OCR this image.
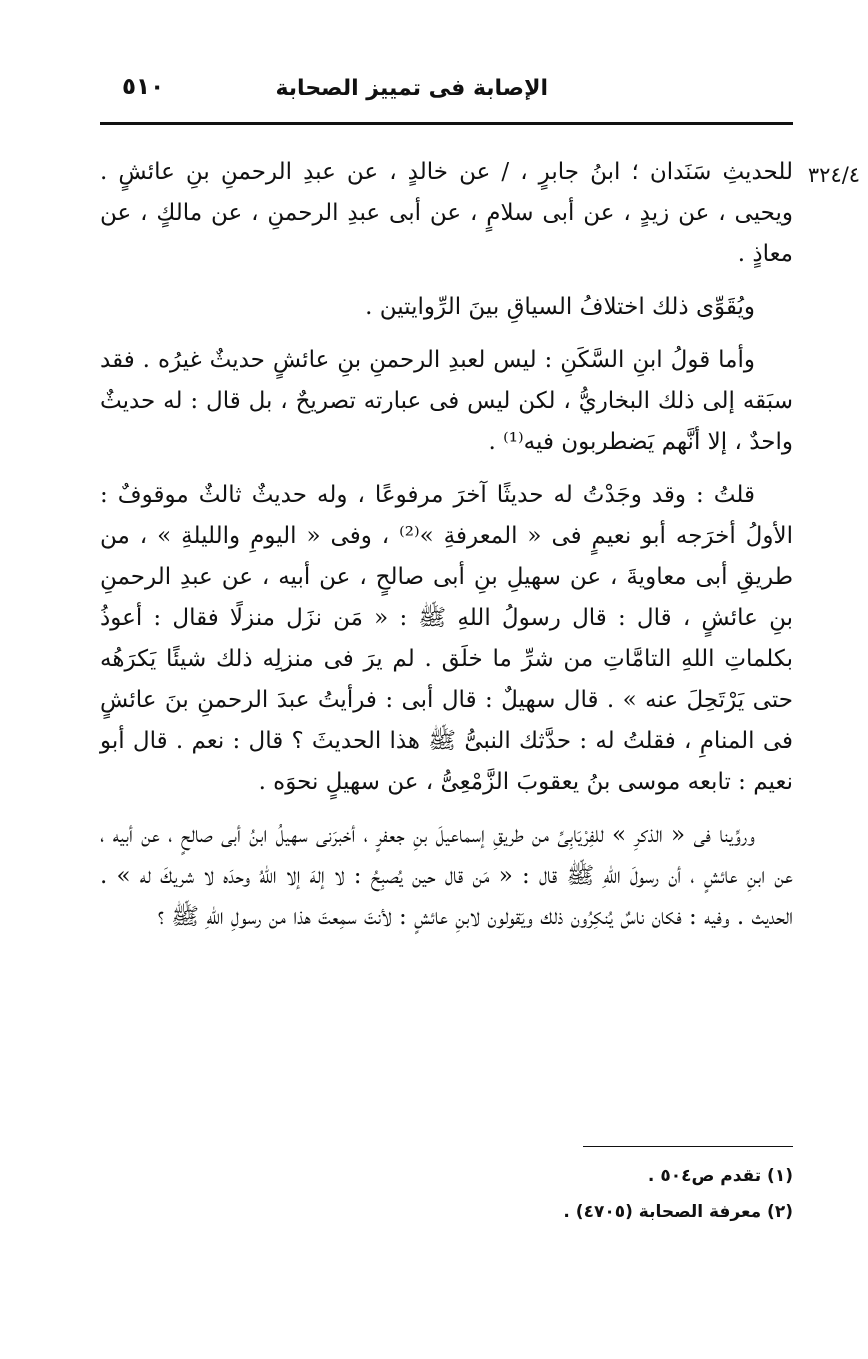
الإصابة فى تمييز الصحابة
٥١٠
٣٢٤/٤

للحديثِ سَنَدان ؛ ابنُ جابرٍ ، / عن خالدٍ ، عن عبدِ الرحمنِ بنِ عائشٍ . ويحيى ، عن زيدٍ ، عن أبى سلامٍ ، عن أبى عبدِ الرحمنِ ، عن مالكٍ ، عن معاذٍ .

ويُقَوِّى ذلك اختلافُ السياقِ بينَ الرِّوايتين .

وأما قولُ ابنِ السَّكَنِ : ليس لعبدِ الرحمنِ بنِ عائشٍ حديثٌ غيرُه . فقد سبَقه إلى ذلك البخاريُّ ، لكن ليس فى عبارته تصريحٌ ، بل قال : له حديثٌ واحدٌ ، إلا أنَّهم يَضطربون فيه⁽¹⁾ .

قلتُ : وقد وجَدْتُ له حديثًا آخرَ مرفوعًا ، وله حديثٌ ثالثٌ موقوفٌ : الأولُ أخرَجه أبو نعيمٍ فى « المعرفةِ »⁽²⁾ ، وفى « اليومِ والليلةِ » ، من طريقِ أبى معاويةَ ، عن سهيلِ بنِ أبى صالحٍ ، عن أبيه ، عن عبدِ الرحمنِ بنِ عائشٍ ، قال : قال رسولُ اللهِ ﷺ : « مَن نزَل منزلًا فقال : أعوذُ بكلماتِ اللهِ التامَّاتِ من شرِّ ما خلَق . لم يرَ فى منزلِه ذلك شيئًا يَكرَهُه حتى يَرْتَحِلَ عنه » . قال سهيلٌ : قال أبى : فرأيتُ عبدَ الرحمنِ بنَ عائشٍ فى المنامِ ، فقلتُ له : حدَّثك النبىُّ ﷺ هذا الحديثَ ؟ قال : نعم . قال أبو نعيم : تابعه موسى بنُ يعقوبَ الزَّمْعِىُّ ، عن سهيلٍ نحوَه .

وروِّينا فى « الذكرِ » للفِرْيَابِىِّ من طريقِ إسماعيلَ بنِ جعفرٍ ، أخبرَنى سهيلُ ابنُ أبى صالحٍ ، عن أبيه ، عن ابنِ عائشٍ ، أن رسولَ اللهِ ﷺ قال : « مَن قال حين يُصبِحُ : لا إلهَ إلا اللهُ وحدَه لا شريكَ له » . الحديث . وفيه : فكان ناسٌ يُنكِرُون ذلك ويَقولون لابنِ عائشٍ : لأنتَ سمِعتَ هذا من رسولِ اللهِ ﷺ ؟

(١) تقدم ص٥٠٤ .
(٢) معرفة الصحابة (٤٧٠٥) .
